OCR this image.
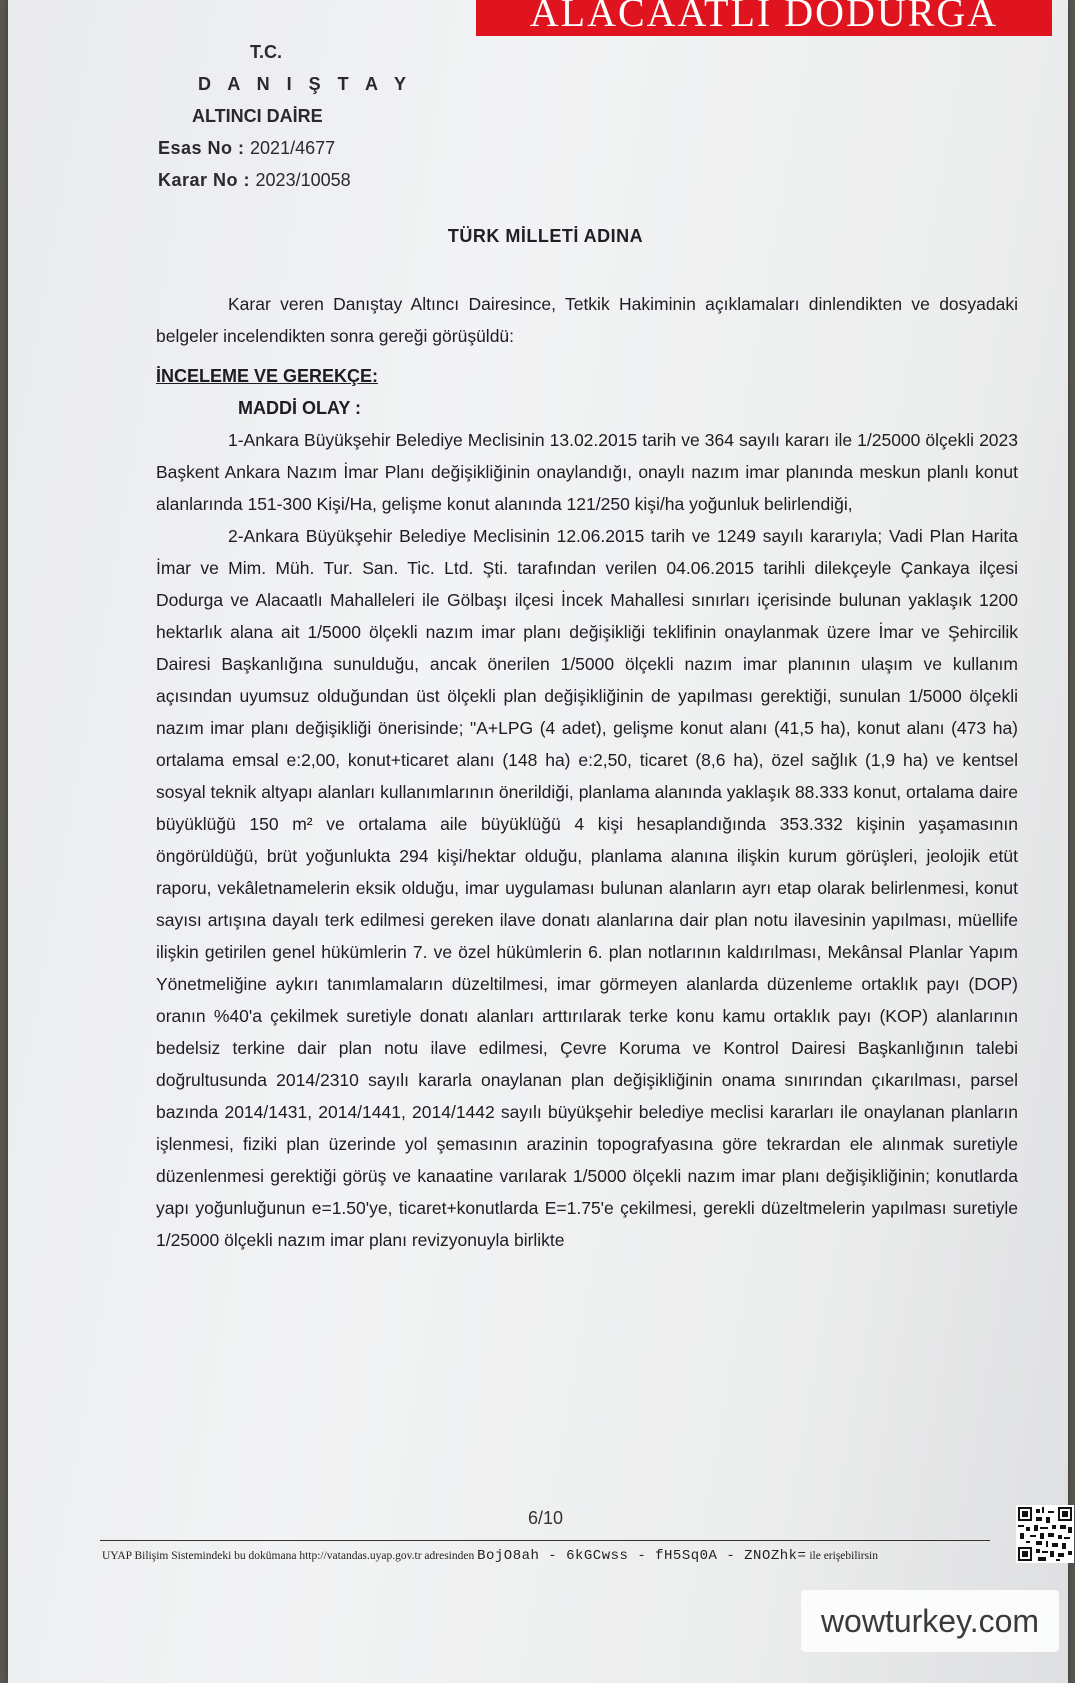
ALACAATLI DODURGA
T.C.
D A N I Ş T A Y
ALTINCI DAİRE
Esas No : 2021/4677
Karar No : 2023/10058
TÜRK MİLLETİ ADINA

Karar veren Danıştay Altıncı Dairesince, Tetkik Hakiminin açıklamaları dinlendikten ve dosyadaki belgeler incelendikten sonra gereği görüşüldü:

İNCELEME VE GEREKÇE:

MADDİ OLAY :

1-Ankara Büyükşehir Belediye Meclisinin 13.02.2015 tarih ve 364 sayılı kararı ile 1/25000 ölçekli 2023 Başkent Ankara Nazım İmar Planı değişikliğinin onaylandığı, onaylı nazım imar planında meskun planlı konut alanlarında 151-300 Kişi/Ha, gelişme konut alanında 121/250 kişi/ha yoğunluk belirlendiği,

2-Ankara Büyükşehir Belediye Meclisinin 12.06.2015 tarih ve 1249 sayılı kararıyla; Vadi Plan Harita İmar ve Mim. Müh. Tur. San. Tic. Ltd. Şti. tarafından verilen 04.06.2015 tarihli dilekçeyle Çankaya ilçesi Dodurga ve Alacaatlı Mahalleleri ile Gölbaşı ilçesi İncek Mahallesi sınırları içerisinde bulunan yaklaşık 1200 hektarlık alana ait 1/5000 ölçekli nazım imar planı değişikliği teklifinin onaylanmak üzere İmar ve Şehircilik Dairesi Başkanlığına sunulduğu, ancak önerilen 1/5000 ölçekli nazım imar planının ulaşım ve kullanım açısından uyumsuz olduğundan üst ölçekli plan değişikliğinin de yapılması gerektiği, sunulan 1/5000 ölçekli nazım imar planı değişikliği önerisinde; "A+LPG (4 adet), gelişme konut alanı (41,5 ha), konut alanı (473 ha) ortalama emsal e:2,00, konut+ticaret alanı (148 ha) e:2,50, ticaret (8,6 ha), özel sağlık (1,9 ha) ve kentsel sosyal teknik altyapı alanları kullanımlarının önerildiği, planlama alanında yaklaşık 88.333 konut, ortalama daire büyüklüğü 150 m² ve ortalama aile büyüklüğü 4 kişi hesaplandığında 353.332 kişinin yaşamasının öngörüldüğü, brüt yoğunlukta 294 kişi/hektar olduğu, planlama alanına ilişkin kurum görüşleri, jeolojik etüt raporu, vekâletnamelerin eksik olduğu, imar uygulaması bulunan alanların ayrı etap olarak belirlenmesi, konut sayısı artışına dayalı terk edilmesi gereken ilave donatı alanlarına dair plan notu ilavesinin yapılması, müellife ilişkin getirilen genel hükümlerin 7. ve özel hükümlerin 6. plan notlarının kaldırılması, Mekânsal Planlar Yapım Yönetmeliğine aykırı tanımlamaların düzeltilmesi, imar görmeyen alanlarda düzenleme ortaklık payı (DOP) oranın %40'a çekilmek suretiyle donatı alanları arttırılarak terke konu kamu ortaklık payı (KOP) alanlarının bedelsiz terkine dair plan notu ilave edilmesi, Çevre Koruma ve Kontrol Dairesi Başkanlığının talebi doğrultusunda 2014/2310 sayılı kararla onaylanan plan değişikliğinin onama sınırından çıkarılması, parsel bazında 2014/1431, 2014/1441, 2014/1442 sayılı büyükşehir belediye meclisi kararları ile onaylanan planların işlenmesi, fiziki plan üzerinde yol şemasının arazinin topografyasına göre tekrardan ele alınmak suretiyle düzenlenmesi gerektiği görüş ve kanaatine varılarak 1/5000 ölçekli nazım imar planı değişikliğinin; konutlarda yapı yoğunluğunun e=1.50'ye, ticaret+konutlarda E=1.75'e çekilmesi, gerekli düzeltmelerin yapılması suretiyle 1/25000 ölçekli nazım imar planı revizyonuyla birlikte

6/10
UYAP Bilişim Sistemindeki bu dokümana http://vatandas.uyap.gov.tr adresinden BojO8ah - 6kGCwss - fH5Sq0A - ZNOZhk= ile erişebilirsin
wowturkey.com
